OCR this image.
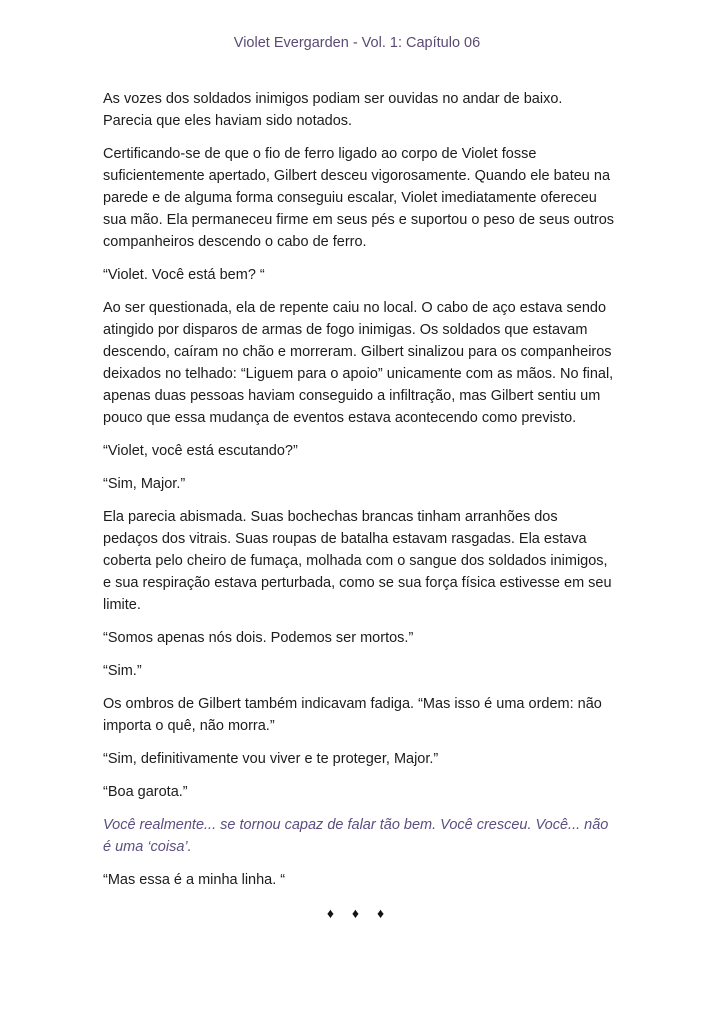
Violet Evergarden - Vol. 1: Capítulo 06

As vozes dos soldados inimigos podiam ser ouvidas no andar de baixo. Parecia que eles haviam sido notados.

Certificando-se de que o fio de ferro ligado ao corpo de Violet fosse suficientemente apertado, Gilbert desceu vigorosamente. Quando ele bateu na parede e de alguma forma conseguiu escalar, Violet imediatamente ofereceu sua mão. Ela permaneceu firme em seus pés e suportou o peso de seus outros companheiros descendo o cabo de ferro.

“Violet. Você está bem? “

Ao ser questionada, ela de repente caiu no local. O cabo de aço estava sendo atingido por disparos de armas de fogo inimigas. Os soldados que estavam descendo, caíram no chão e morreram. Gilbert sinalizou para os companheiros deixados no telhado: “Liguem para o apoio” unicamente com as mãos. No final, apenas duas pessoas haviam conseguido a infiltração, mas Gilbert sentiu um pouco que essa mudança de eventos estava acontecendo como previsto.

“Violet, você está escutando?”

“Sim, Major.”

Ela parecia abismada. Suas bochechas brancas tinham arranhões dos pedaços dos vitrais. Suas roupas de batalha estavam rasgadas. Ela estava coberta pelo cheiro de fumaça, molhada com o sangue dos soldados inimigos, e sua respiração estava perturbada, como se sua força física estivesse em seu limite.

“Somos apenas nós dois. Podemos ser mortos.”

“Sim.”

Os ombros de Gilbert também indicavam fadiga. “Mas isso é uma ordem: não importa o quê, não morra.”

“Sim, definitivamente vou viver e te proteger, Major.”

“Boa garota.”

Você realmente... se tornou capaz de falar tão bem. Você cresceu. Você... não é uma ‘coisa’.

“Mas essa é a minha linha. “

♦ ♦ ♦
